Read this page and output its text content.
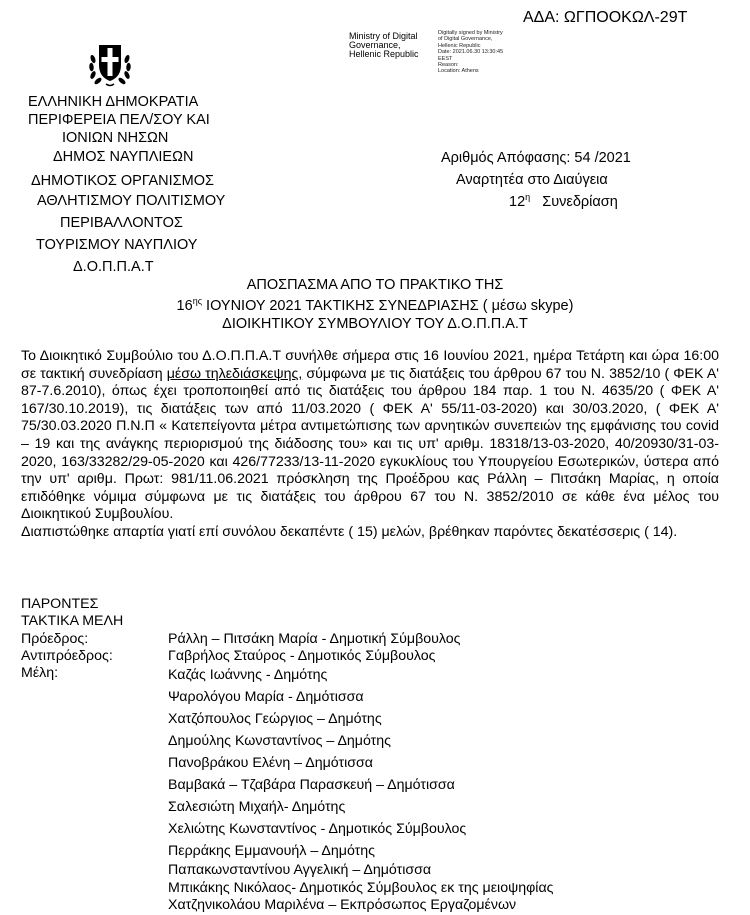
ΑΔΑ: ΩΓΠΟΟΚΩΛ-29Τ
Ministry of Digital
Governance,
Hellenic Republic
Digitally signed by Ministry
of Digital Governance,
Hellenic Republic
Date: 2021.06.30 13:30:45
EEST
Reason:
Location: Athens
ΕΛΛΗΝΙΚΗ ΔΗΜΟΚΡΑΤΙΑ
ΠΕΡΙΦΕΡΕΙΑ ΠΕΛ/ΣΟΥ ΚΑΙ
ΙΟΝΙΩΝ ΝΗΣΩΝ
ΔΗΜΟΣ ΝΑΥΠΛΙΕΩΝ
ΔΗΜΟΤΙΚΟΣ ΟΡΓΑΝΙΣΜΟΣ
ΑΘΛΗΤΙΣΜΟΥ ΠΟΛΙΤΙΣΜΟΥ
ΠΕΡΙΒΑΛΛΟΝΤΟΣ
ΤΟΥΡΙΣΜΟΥ ΝΑΥΠΛΙΟΥ
Δ.Ο.Π.Π.Α.Τ
Αριθμός Απόφασης: 54 /2021
Αναρτητέα στο Διαύγεια
$12^\eta$ Συνεδρίαση
ΑΠΟΣΠΑΣΜΑ ΑΠΟ ΤΟ ΠΡΑΚΤΙΚΟ ΤΗΣ
$16^{\eta\varsigma}$ ΙΟΥΝΙΟΥ 2021 ΤΑΚΤΙΚΗΣ ΣΥΝΕΔΡΙΑΣΗΣ ( μέσω skype)
ΔΙΟΙΚΗΤΙΚΟΥ ΣΥΜΒΟΥΛΙΟΥ ΤΟΥ Δ.Ο.Π.Π.Α.Τ

Το Διοικητικό Συμβούλιο του Δ.Ο.Π.Π.Α.Τ συνήλθε σήμερα στις 16 Ιουνίου 2021, ημέρα Τετάρτη και ώρα 16:00 σε τακτική συνεδρίαση μέσω τηλεδιάσκεψης, σύμφωνα με τις διατάξεις του άρθρου 67 του Ν. 3852/10 ( ΦΕΚ Α' 87-7.6.2010), όπως έχει τροποποιηθεί από τις διατάξεις του άρθρου 184 παρ. 1 του Ν. 4635/20 ( ΦΕΚ Α' 167/30.10.2019), τις διατάξεις των από 11/03.2020 ( ΦΕΚ Α' 55/11-03-2020) και 30/03.2020, ( ΦΕΚ Α' 75/30.03.2020 Π.Ν.Π « Κατεπείγοντα μέτρα αντιμετώπισης των αρνητικών συνεπειών της εμφάνισης του covid – 19 και της ανάγκης περιορισμού της διάδοσης του» και τις υπ' αριθμ. 18318/13-03-2020, 40/20930/31-03-2020, 163/33282/29-05-2020 και 426/77233/13-11-2020 εγκυκλίους του Υπουργείου Εσωτερικών, ύστερα από την υπ' αριθμ. Πρωτ: 981/11.06.2021 πρόσκληση της Προέδρου κας Ράλλη – Πιτσάκη Μαρίας, η οποία επιδόθηκε νόμιμα σύμφωνα με τις διατάξεις του άρθρου 67 του Ν. 3852/2010 σε κάθε ένα μέλος του Διοικητικού Συμβουλίου.

Διαπιστώθηκε απαρτία γιατί επί συνόλου δεκαπέντε ( 15) μελών, βρέθηκαν παρόντες δεκατέσσερις ( 14).

ΠΑΡΟΝΤΕΣ
ΤΑΚΤΙΚΑ ΜΕΛΗ
Πρόεδρος:
Αντιπρόεδρος:
Μέλη:
Ράλλη – Πιτσάκη Μαρία - Δημοτική Σύμβουλος
Γαβρήλος Σταύρος - Δημοτικός Σύμβουλος
Καζάς Ιωάννης - Δημότης
Ψαρολόγου Μαρία - Δημότισσα
Χατζόπουλος Γεώργιος – Δημότης
Δημούλης Κωνσταντίνος – Δημότης
Πανοβράκου Ελένη – Δημότισσα
Βαμβακά – Τζαβάρα Παρασκευή – Δημότισσα
Σαλεσιώτη Μιχαήλ- Δημότης
Χελιώτης Κωνσταντίνος - Δημοτικός Σύμβουλος
Περράκης Εμμανουήλ – Δημότης
Παπακωνσταντίνου Αγγελική – Δημότισσα
Μπικάκης Νικόλαος- Δημοτικός Σύμβουλος εκ της μειοψηφίας
Χατζηνικολάου Μαριλένα – Εκπρόσωπος Εργαζομένων
